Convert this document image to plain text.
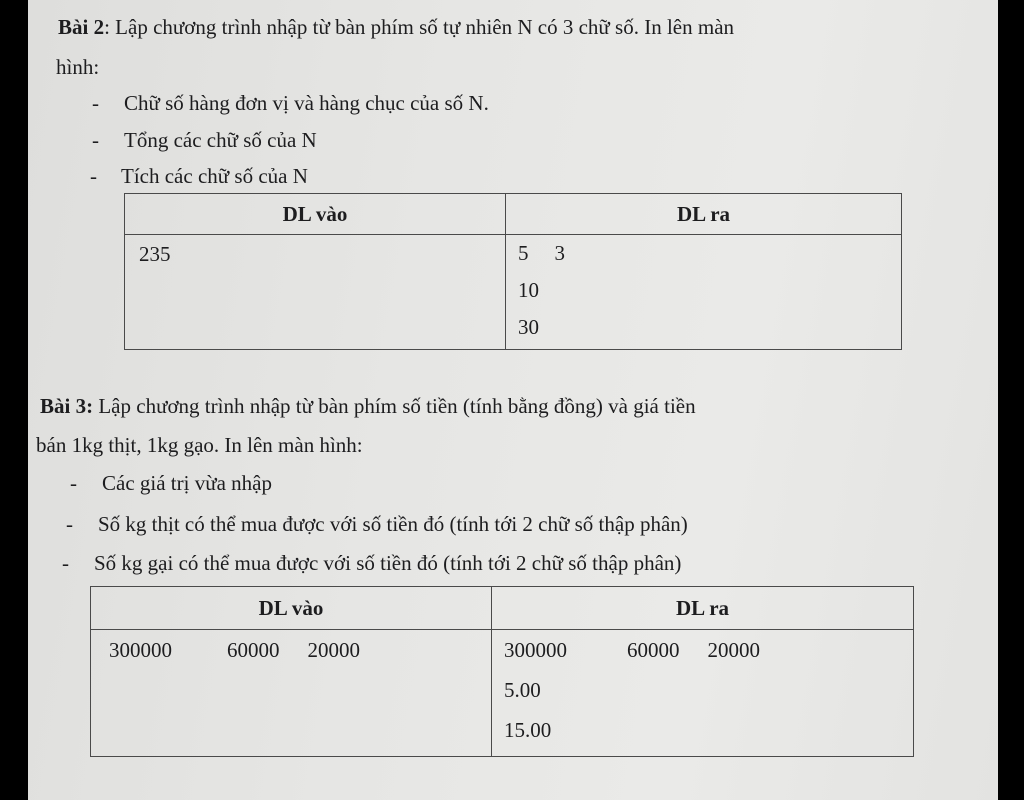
Bài 2: Lập chương trình nhập từ bàn phím số tự nhiên N có 3 chữ số. In lên màn
hình:
- Chữ số hàng đơn vị và hàng chục của số N.
- Tổng các chữ số của N
- Tích các chữ số của N
DL vào	DL ra

235	5 3
10
30
Bài 3: Lập chương trình nhập từ bàn phím số tiền (tính bằng đồng) và giá tiền
bán 1kg thịt, 1kg gạo. In lên màn hình:
- Các giá trị vừa nhập
- Số kg thịt có thể mua được với số tiền đó (tính tới 2 chữ số thập phân)
- Số kg gại có thể mua được với số tiền đó (tính tới 2 chữ số thập phân)
DL vào	DL ra

300000 60000 20000	300000 60000 20000
5.00
15.00
